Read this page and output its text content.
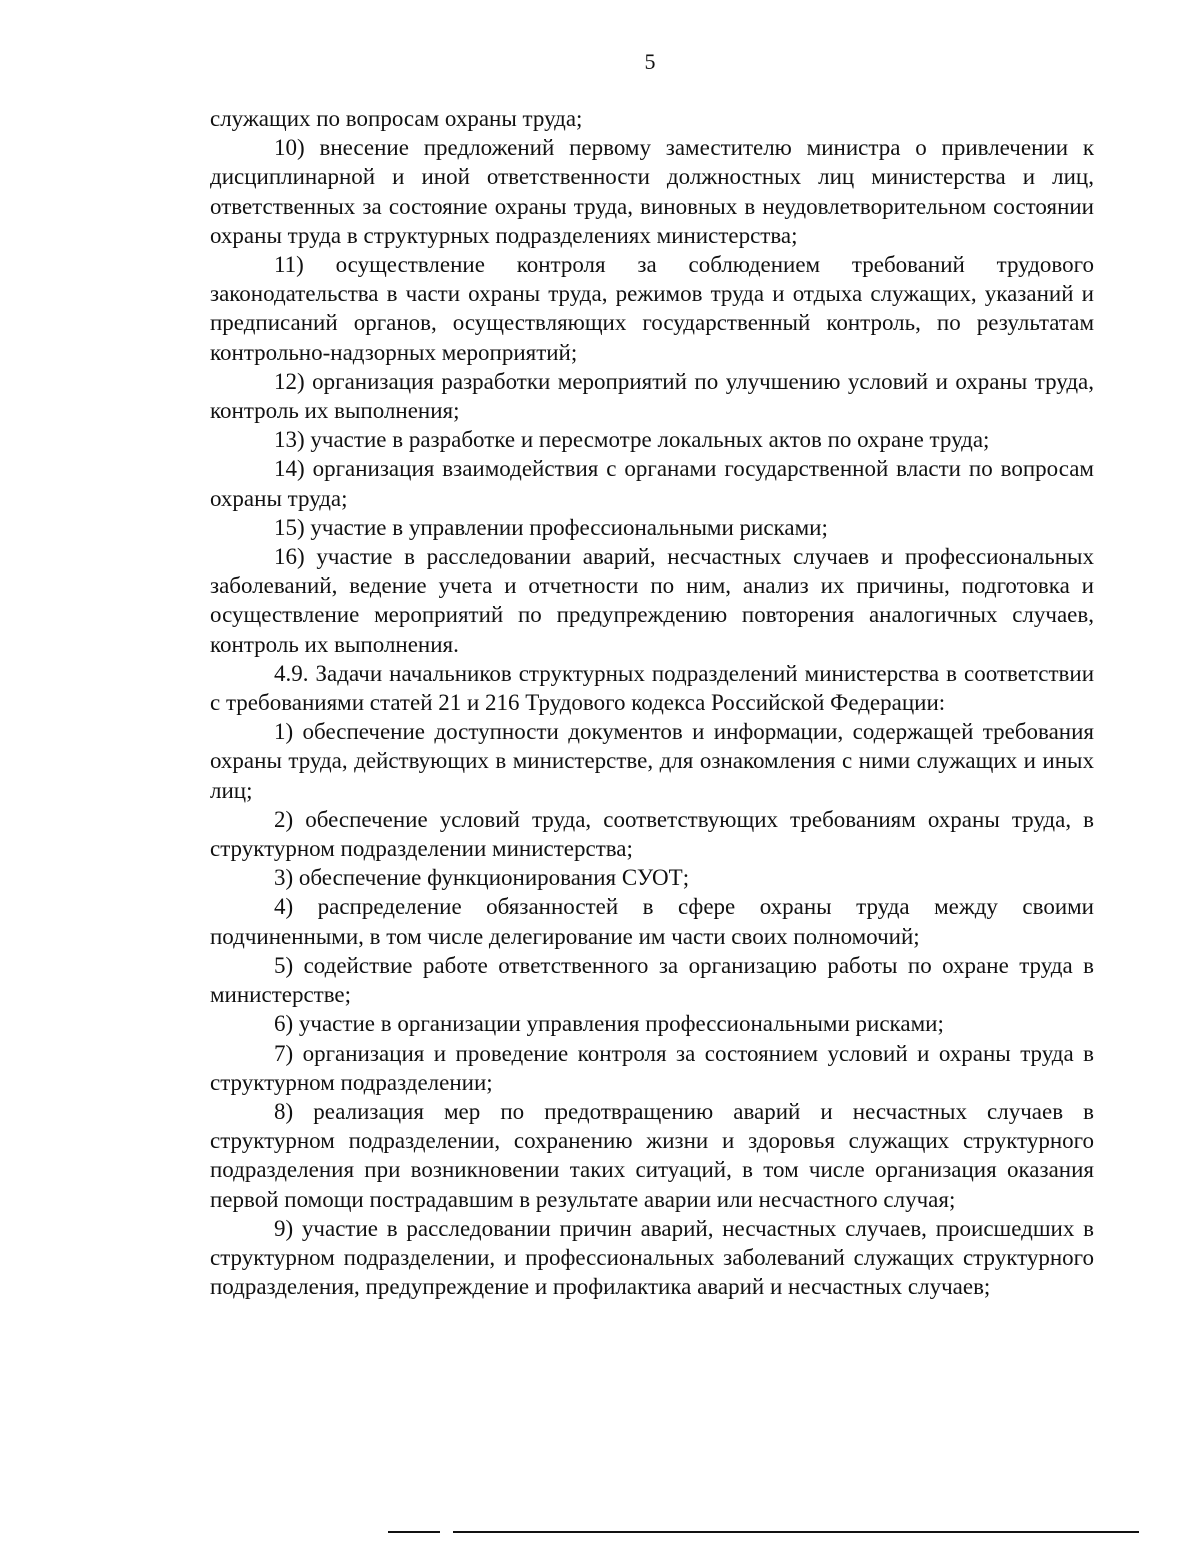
5

служащих по вопросам охраны труда;

10) внесение предложений первому заместителю министра о привлечении к дисциплинарной и иной ответственности должностных лиц министерства и лиц, ответственных за состояние охраны труда, виновных в неудовлетворительном состоянии охраны труда в структурных подразделениях министерства;

11) осуществление контроля за соблюдением требований трудового законодательства в части охраны труда, режимов труда и отдыха служащих, указаний и предписаний органов, осуществляющих государственный контроль, по результатам контрольно-надзорных мероприятий;

12) организация разработки мероприятий по улучшению условий и охраны труда, контроль их выполнения;

13) участие в разработке и пересмотре локальных актов по охране труда;

14) организация взаимодействия с органами государственной власти по вопросам охраны труда;

15) участие в управлении профессиональными рисками;

16) участие в расследовании аварий, несчастных случаев и профессиональных заболеваний, ведение учета и отчетности по ним, анализ их причины, подготовка и осуществление мероприятий по предупреждению повторения аналогичных случаев, контроль их выполнения.

4.9. Задачи начальников структурных подразделений министерства в соответствии с требованиями статей 21 и 216 Трудового кодекса Российской Федерации:

1) обеспечение доступности документов и информации, содержащей требования охраны труда, действующих в министерстве, для ознакомления с ними служащих и иных лиц;

2) обеспечение условий труда, соответствующих требованиям охраны труда, в структурном подразделении министерства;

3) обеспечение функционирования СУОТ;

4) распределение обязанностей в сфере охраны труда между своими подчиненными, в том числе делегирование им части своих полномочий;

5) содействие работе ответственного за организацию работы по охране труда в министерстве;

6) участие в организации управления профессиональными рисками;

7) организация и проведение контроля за состоянием условий и охраны труда в структурном подразделении;

8) реализация мер по предотвращению аварий и несчастных случаев в структурном подразделении, сохранению жизни и здоровья служащих структурного подразделения при возникновении таких ситуаций, в том числе организация оказания первой помощи пострадавшим в результате аварии или несчастного случая;

9) участие в расследовании причин аварий, несчастных случаев, происшедших в структурном подразделении, и профессиональных заболеваний служащих структурного подразделения, предупреждение и профилактика аварий и несчастных случаев;
